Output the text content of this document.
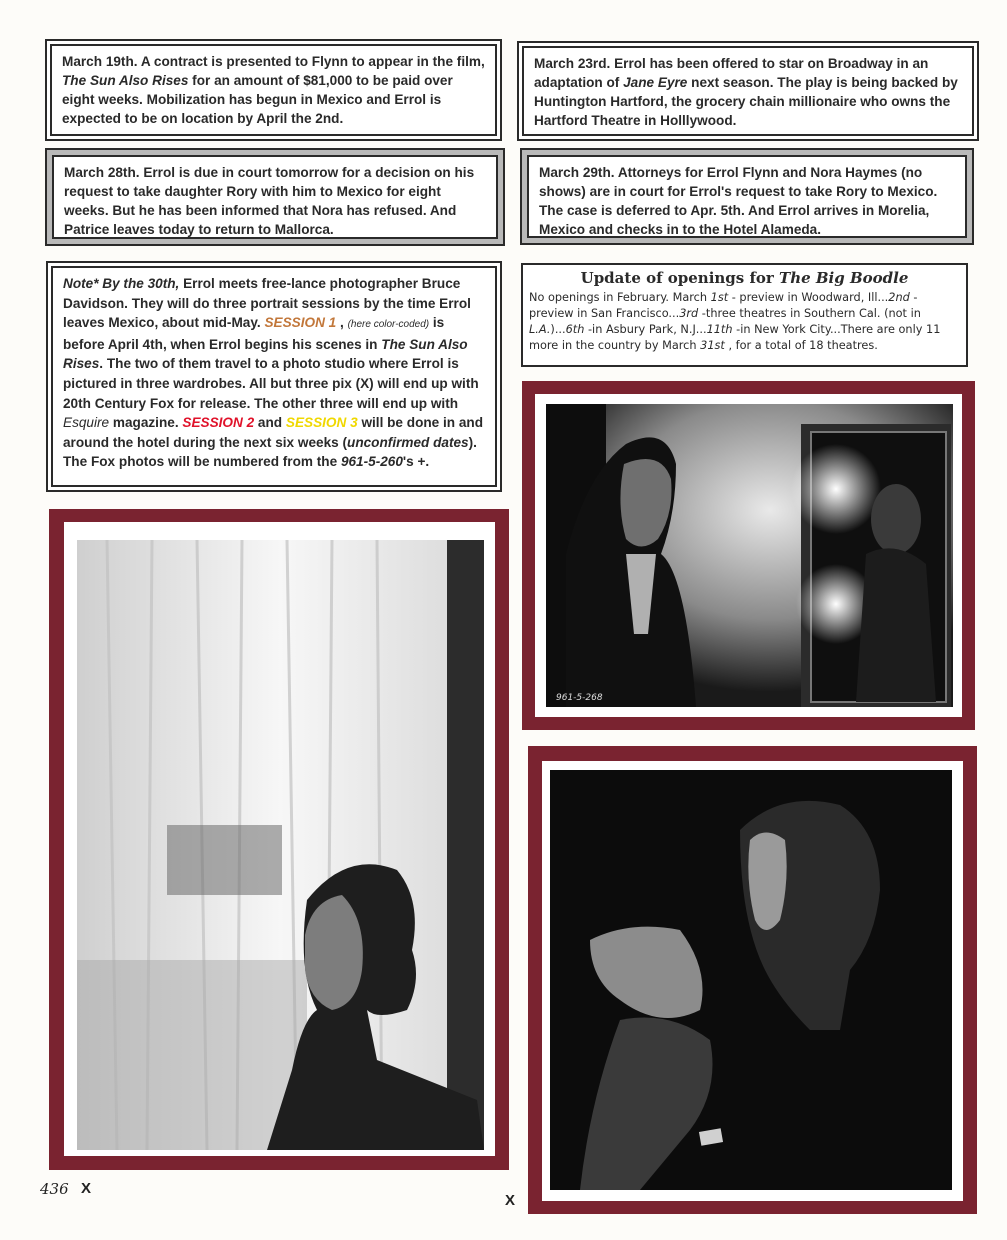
March 19th. A contract is presented to Flynn to appear in the film, The Sun Also Rises for an amount of $81,000 to be paid over eight weeks. Mobilization has begun in Mexico and Errol is expected to be on location by April the 2nd.
March 23rd. Errol has been offered to star on Broadway in an adaptation of Jane Eyre next season. The play is being backed by Huntington Hartford, the grocery chain millionaire who owns the Hartford Theatre in Holllywood.
March 28th. Errol is due in court tomorrow for a decision on his request to take daughter Rory with him to Mexico for eight weeks. But he has been informed that Nora has refused. And Patrice leaves today to return to Mallorca.
March 29th. Attorneys for Errol Flynn and Nora Haymes (no shows) are in court for Errol's request to take Rory to Mexico. The case is deferred to Apr. 5th. And Errol arrives in Morelia, Mexico and checks in to the Hotel Alameda.
Note* By the 30th, Errol meets free-lance photographer Bruce Davidson. They will do three portrait sessions by the time Errol leaves Mexico, about mid-May. SESSION 1 , (here color-coded) is before April 4th, when Errol begins his scenes in The Sun Also Rises. The two of them travel to a photo studio where Errol is pictured in three wardrobes. All but three pix (X) will end up with 20th Century Fox for release. The other three will end up with Esquire magazine. SESSION 2 and SESSION 3 will be done in and around the hotel during the next six weeks (unconfirmed dates). The Fox photos will be numbered from the 961-5-260's +.
Update of openings for The Big Boodle
No openings in February. March 1st - preview in Woodward, Ill...2nd - preview in San Francisco...3rd -three theatres in Southern Cal. (not in L.A.)...6th -in Asbury Park, N.J...11th -in New York City...There are only 11 more in the country by March 31st , for a total of 18 theatres.
961-5-268
436 X
X
